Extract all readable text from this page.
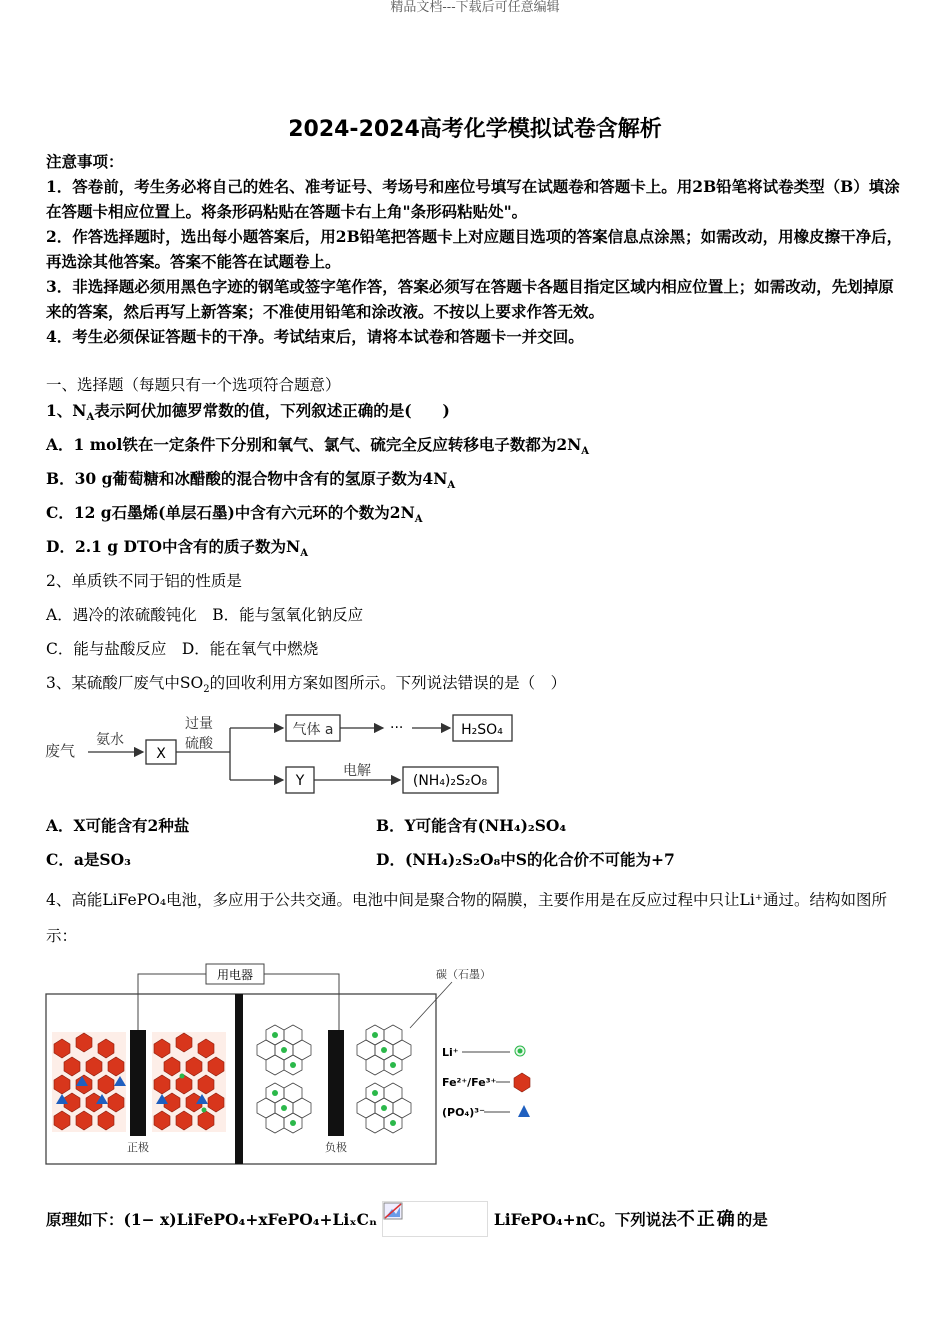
精品文档---下载后可任意编辑
2024-2024高考化学模拟试卷含解析
注意事项：
1．答卷前，考生务必将自己的姓名、准考证号、考场号和座位号填写在试题卷和答题卡上。用2B铅笔将试卷类型（B）填涂在答题卡相应位置上。将条形码粘贴在答题卡右上角"条形码粘贴处"。
2．作答选择题时，选出每小题答案后，用2B铅笔把答题卡上对应题目选项的答案信息点涂黑；如需改动，用橡皮擦干净后，再选涂其他答案。答案不能答在试题卷上。
3．非选择题必须用黑色字迹的钢笔或签字笔作答，答案必须写在答题卡各题目指定区域内相应位置上；如需改动，先划掉原来的答案，然后再写上新答案；不准使用铅笔和涂改液。不按以上要求作答无效。
4．考生必须保证答题卡的干净。考试结束后，请将本试卷和答题卡一并交回。
一、选择题（每题只有一个选项符合题意）
1、$N_A$表示阿伏加德罗常数的值，下列叙述正确的是(　　)
A．1 mol铁在一定条件下分别和氧气、氯气、硫完全反应转移电子数都为$2N_A$
B．30 g葡萄糖和冰醋酸的混合物中含有的氢原子数为$4N_A$
C．12 g石墨烯(单层石墨)中含有六元环的个数为$2N_A$
D．2.1 g DTO中含有的质子数为$N_A$
2、单质铁不同于铝的性质是
A．遇冷的浓硫酸钝化　B．能与氢氧化钠反应
C．能与盐酸反应　D．能在氧气中燃烧
3、某硫酸厂废气中$SO_2$的回收利用方案如图所示。下列说法错误的是（　）
废气
氨水
X
过量
硫酸
气体 a	···	H₂SO₄
Y
电解
(NH₄)₂S₂O₈
A．X可能含有2种盐	B．Y可能含有(NH₄)₂SO₄
C．a是SO₃	D．(NH₄)₂S₂O₈中S的化合价不可能为+7
4、高能LiFePO₄电池，多应用于公共交通。电池中间是聚合物的隔膜，主要作用是在反应过程中只让Li⁺通过。结构如图所示：
用电器
正极	负极
碳（石墨）
Li⁺
Fe²⁺/Fe³⁺
(PO₄)³⁻
原理如下：(1− x)LiFePO₄+xFePO₄+LiₓCₙ	LiFePO₄+nC。下列说法不正确的是
